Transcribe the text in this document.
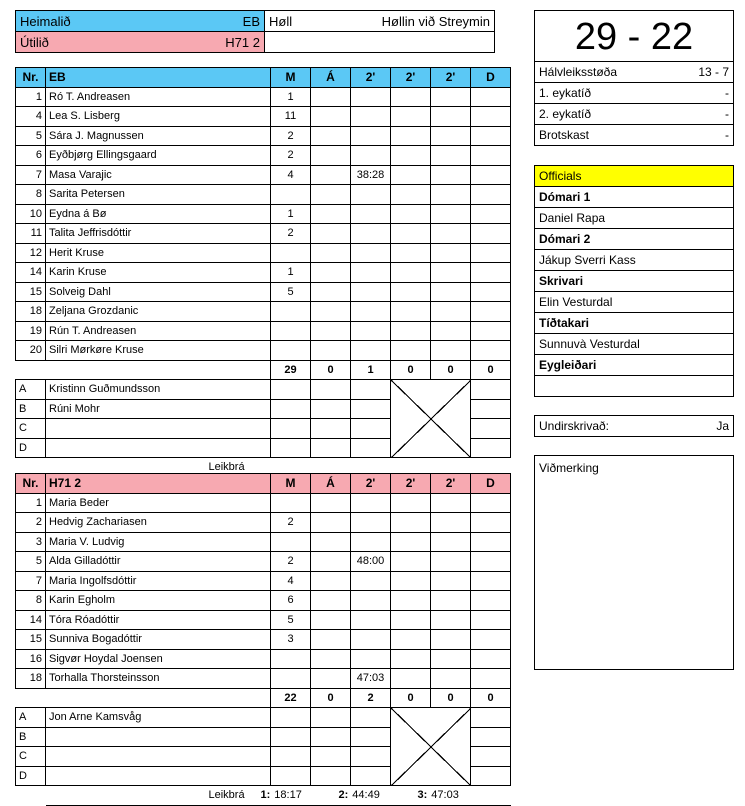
Heimalið EB	Høll Høllin við Streymin

Útilið H71 2	

Nr.	EB	M	Á	2'	2'	2'	D
1	Ró T. Andreasen	1					
4	Lea S. Lisberg	11					
5	Sára J. Magnussen	2					
6	Eyðbjørg Ellingsgaard	2					
7	Masa Varajic	4		38:28			
8	Sarita Petersen						
10	Eydna á Bø	1					
11	Talita Jeffrisdóttir	2					
12	Herit Kruse						
14	Karin Kruse	1					
15	Solveig Dahl	5					
18	Zeljana Grozdanic						
19	Rún T. Andreasen						
20	Silri Mørkøre Kruse						
		29	0	1	0	0	0
A	Kristinn Guðmundsson						
B	Rúni Mohr						
C							
D							
	Leikbrá						
Nr.	H71 2	M	Á	2'	2'	2'	D
1	Maria Beder						
2	Hedvig Zachariasen	2					
3	Maria V. Ludvig						
5	Alda Gilladóttir	2		48:00			
7	Maria Ingolfsdóttir	4					
8	Karin Egholm	6					
14	Tóra Róadóttir	5					
15	Sunniva Bogadóttir	3					
16	Sigvør Hoydal Joensen						
18	Torhalla Thorsteinsson			47:03			
		22	0	2	0	0	0
A	Jon Arne Kamsvåg						
B							
C							
D							
	Leikbrá 1: 18:17 2: 44:49 3: 47:03						
29 - 22
Hálvleiksstøða	13 - 7

1. eykatíð	-

2. eykatíð	-

Brotskast	-
Officials
Dómari 1
Daniel Rapa
Dómari 2
Jákup Sverri Kass
Skrivari
Elin Vesturdal
Tíðtakari
Sunnuvà Vesturdal
Eygleiðari

Undirskrivað:	Ja
Viðmerking
